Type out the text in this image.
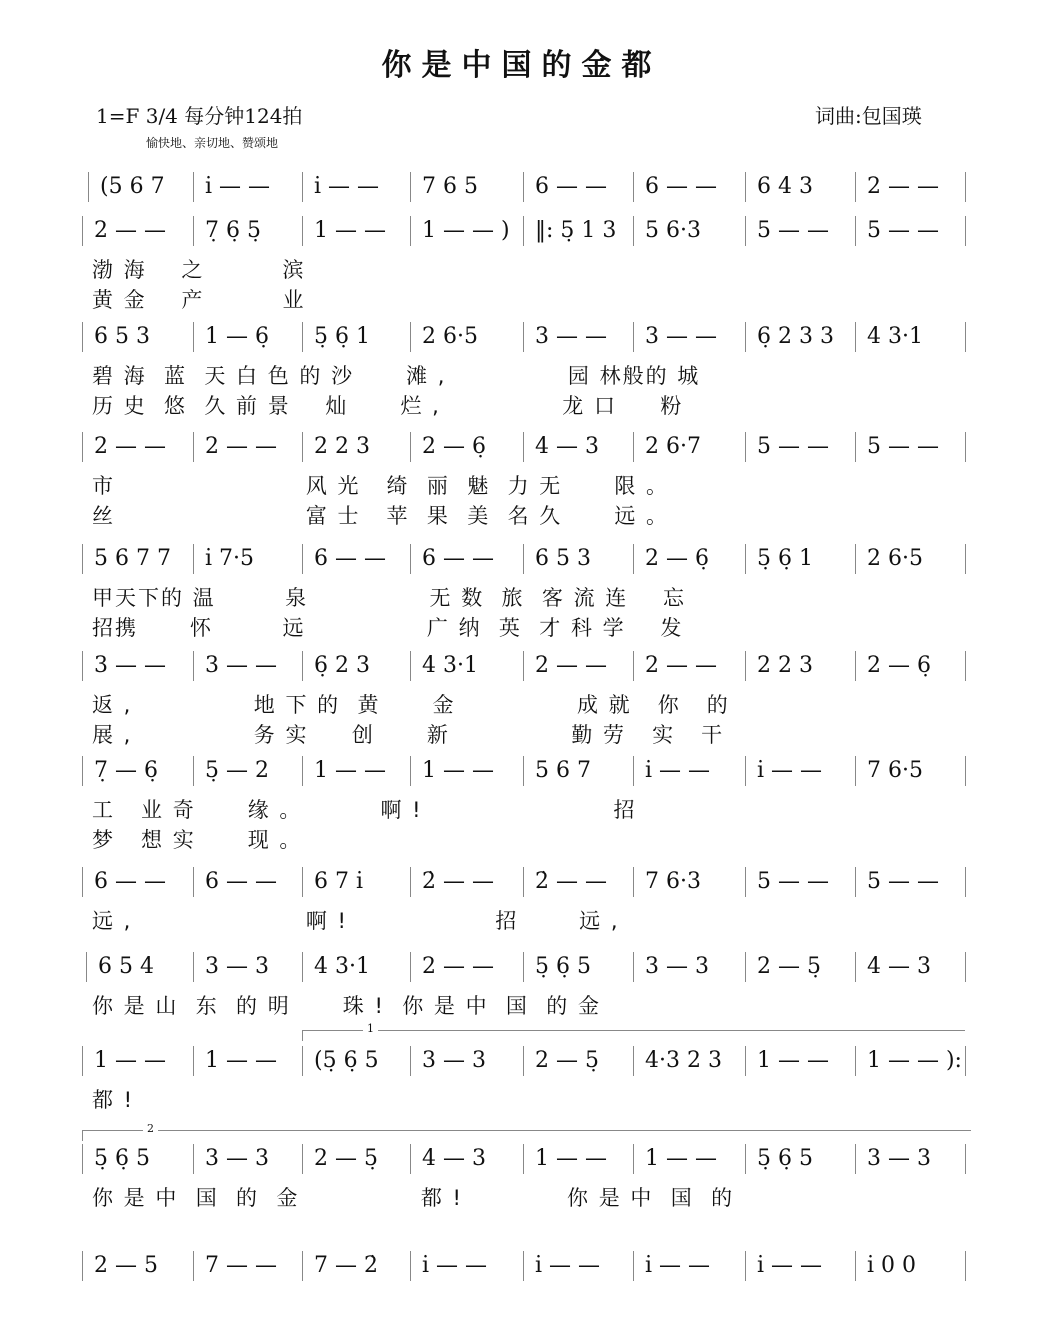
你是中国的金都
1=F 3/4 每分钟124拍
愉快地、亲切地、赞颂地
词曲:包国瑛
(5 6 7 i̇ — — i̇ — — 7 6 5	6 — — 6 — — 6 4 3 2 — —
2 — — 7̣ 6̣ 5̣ 1 — — 1 — — ) ‖: 5̣ 1 3 5 6·3	5 — — 5 — —
渤 海    之         滨
黄 金    产         业
6 5 3	1 — 6̣ 5̣ 6̣ 1 2 6·5	3 — — 3 — — 6̣ 2 3 3 4 3·1
碧 海  蓝  天 白 色 的 沙      滩 ,              园 林般的 城
历 史  悠  久 前 景    灿      烂 ,              龙 口     粉
2 — — 2 — — 2 2 3 2 — 6̣ 4 — 3 2 6·7	5 — — 5 — —
市                      风 光   绮  丽  魅  力 无      限 。
丝                      富 士   苹  果  美  名 久      远 。
5 6 7 7 i̇ 7·5	6 — — 6 — — 6 5 3 2 — 6̣ 5̣ 6̣ 1 2 6·5
甲天下的 温        泉              无 数  旅  客 流 连    忘
招携      怀        远              广 纳  英  才 科 学    发
3 — — 3 — — 6̣ 2 3 4 3·1	2 — — 2 — — 2 2 3 2 — 6̣
返 ,              地 下 的  黄      金              成 就   你   的
展 ,              务 实     创      新              勤 劳   实   干
7̣ — 6̣ 5̣ — 2 1 — — 1 — — 5 6 7 i̇ — — i̇ — — 7 6·5
工   业 奇      缘 。         啊 !                      招
梦   想 实      现 。
6 — — 6 — — 6 7 i̇	2̇ — — 2̇ — — 7 6·3	5 — — 5 — —
远 ,                    啊 !                 招       远 ,
6 5 4 3 — 3 4 3·1 2 — — 5̣ 6̣ 5 3 — 3 2 — 5̣ 4 — 3
你 是 山  东  的 明      珠 !  你 是 中  国  的 金
1 — — 1 — — (5̣ 6̣ 5 3 — 3 2 — 5̣ 4·3 2 3 1 — — 1 — — ):
都 !
5̣ 6̣ 5	3 — 3 2 — 5̣ 4 — 3 1 — — 1 — — 5̣ 6̣ 5 3 — 3
你 是 中  国  的  金              都 !            你 是 中  国  的
2 — 5 7 — — 7 — 2̇ i̇ — — i̇ — — i̇ — — i̇ — — i̇ 0 0
1
2
